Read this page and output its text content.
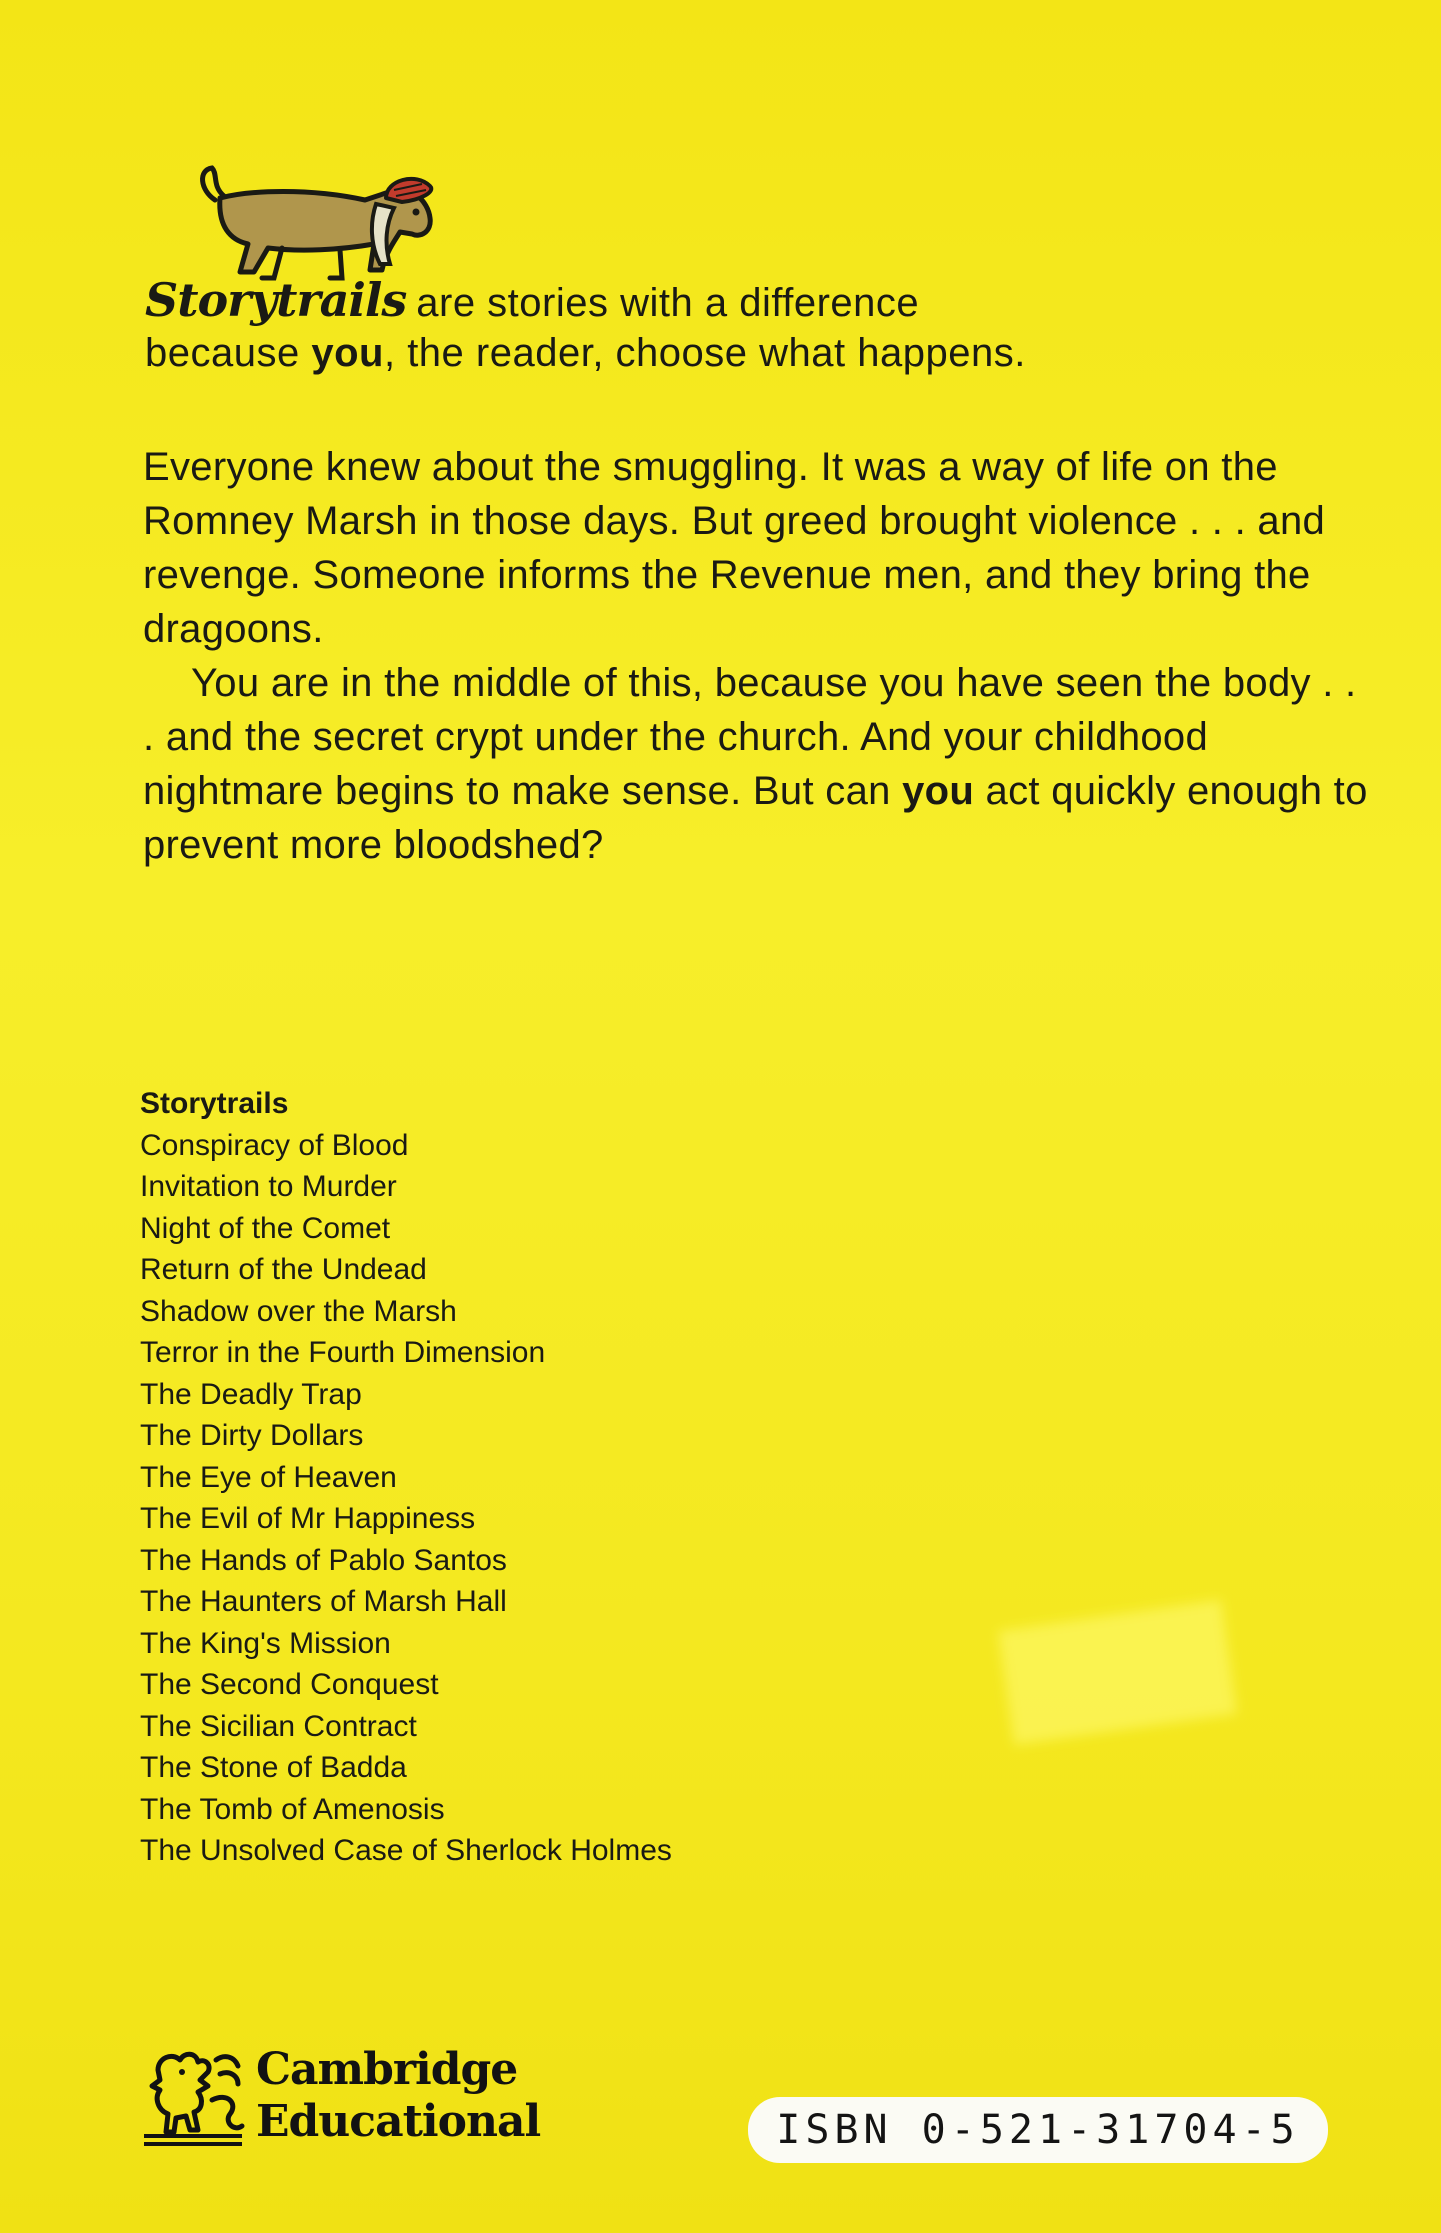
Storytrails are stories with a difference
because you, the reader, choose what happens.

Everyone knew about the smuggling. It was a way of life on the Romney Marsh in those days. But greed brought violence . . . and revenge. Someone informs the Revenue men, and they bring the dragoons.

You are in the middle of this, because you have seen the body . . . and the secret crypt under the church. And your childhood nightmare begins to make sense. But can you act quickly enough to prevent more bloodshed?

Storytrails
Conspiracy of Blood
Invitation to Murder
Night of the Comet
Return of the Undead
Shadow over the Marsh
Terror in the Fourth Dimension
The Deadly Trap
The Dirty Dollars
The Eye of Heaven
The Evil of Mr Happiness
The Hands of Pablo Santos
The Haunters of Marsh Hall
The King's Mission
The Second Conquest
The Sicilian Contract
The Stone of Badda
The Tomb of Amenosis
The Unsolved Case of Sherlock Holmes
Cambridge
Educational	ISBN 0-521-31704-5
